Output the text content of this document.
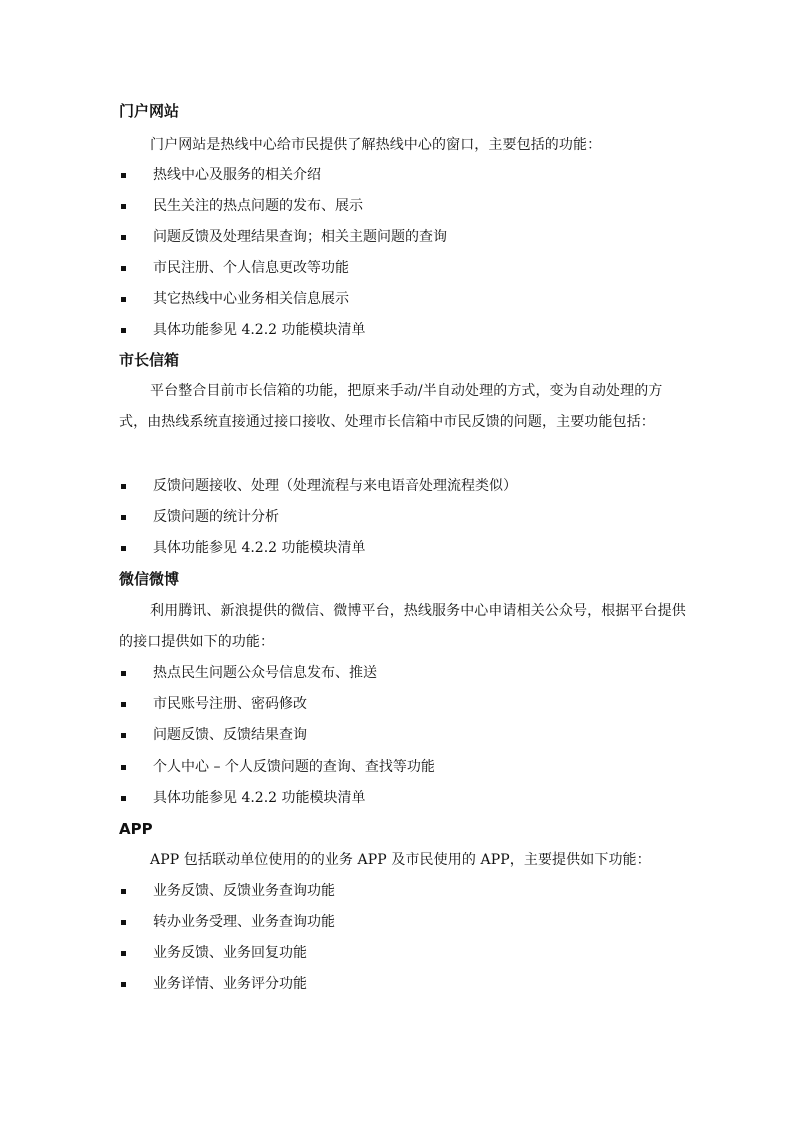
门户网站

门户网站是热线中心给市民提供了解热线中心的窗口，主要包括的功能：

热线中心及服务的相关介绍
民生关注的热点问题的发布、展示
问题反馈及处理结果查询；相关主题问题的查询
市民注册、个人信息更改等功能
其它热线中心业务相关信息展示
具体功能参见 4.2.2 功能模块清单
市长信箱

平台整合目前市长信箱的功能，把原来手动/半自动处理的方式，变为自动处理的方式，由热线系统直接通过接口接收、处理市长信箱中市民反馈的问题，主要功能包括：

反馈问题接收、处理（处理流程与来电语音处理流程类似）
反馈问题的统计分析
具体功能参见 4.2.2 功能模块清单
微信微博

利用腾讯、新浪提供的微信、微博平台，热线服务中心申请相关公众号，根据平台提供的接口提供如下的功能：

热点民生问题公众号信息发布、推送
市民账号注册、密码修改
问题反馈、反馈结果查询
个人中心 – 个人反馈问题的查询、查找等功能
具体功能参见 4.2.2 功能模块清单
APP

APP 包括联动单位使用的的业务 APP 及市民使用的 APP，主要提供如下功能：

业务反馈、反馈业务查询功能
转办业务受理、业务查询功能
业务反馈、业务回复功能
业务详情、业务评分功能
